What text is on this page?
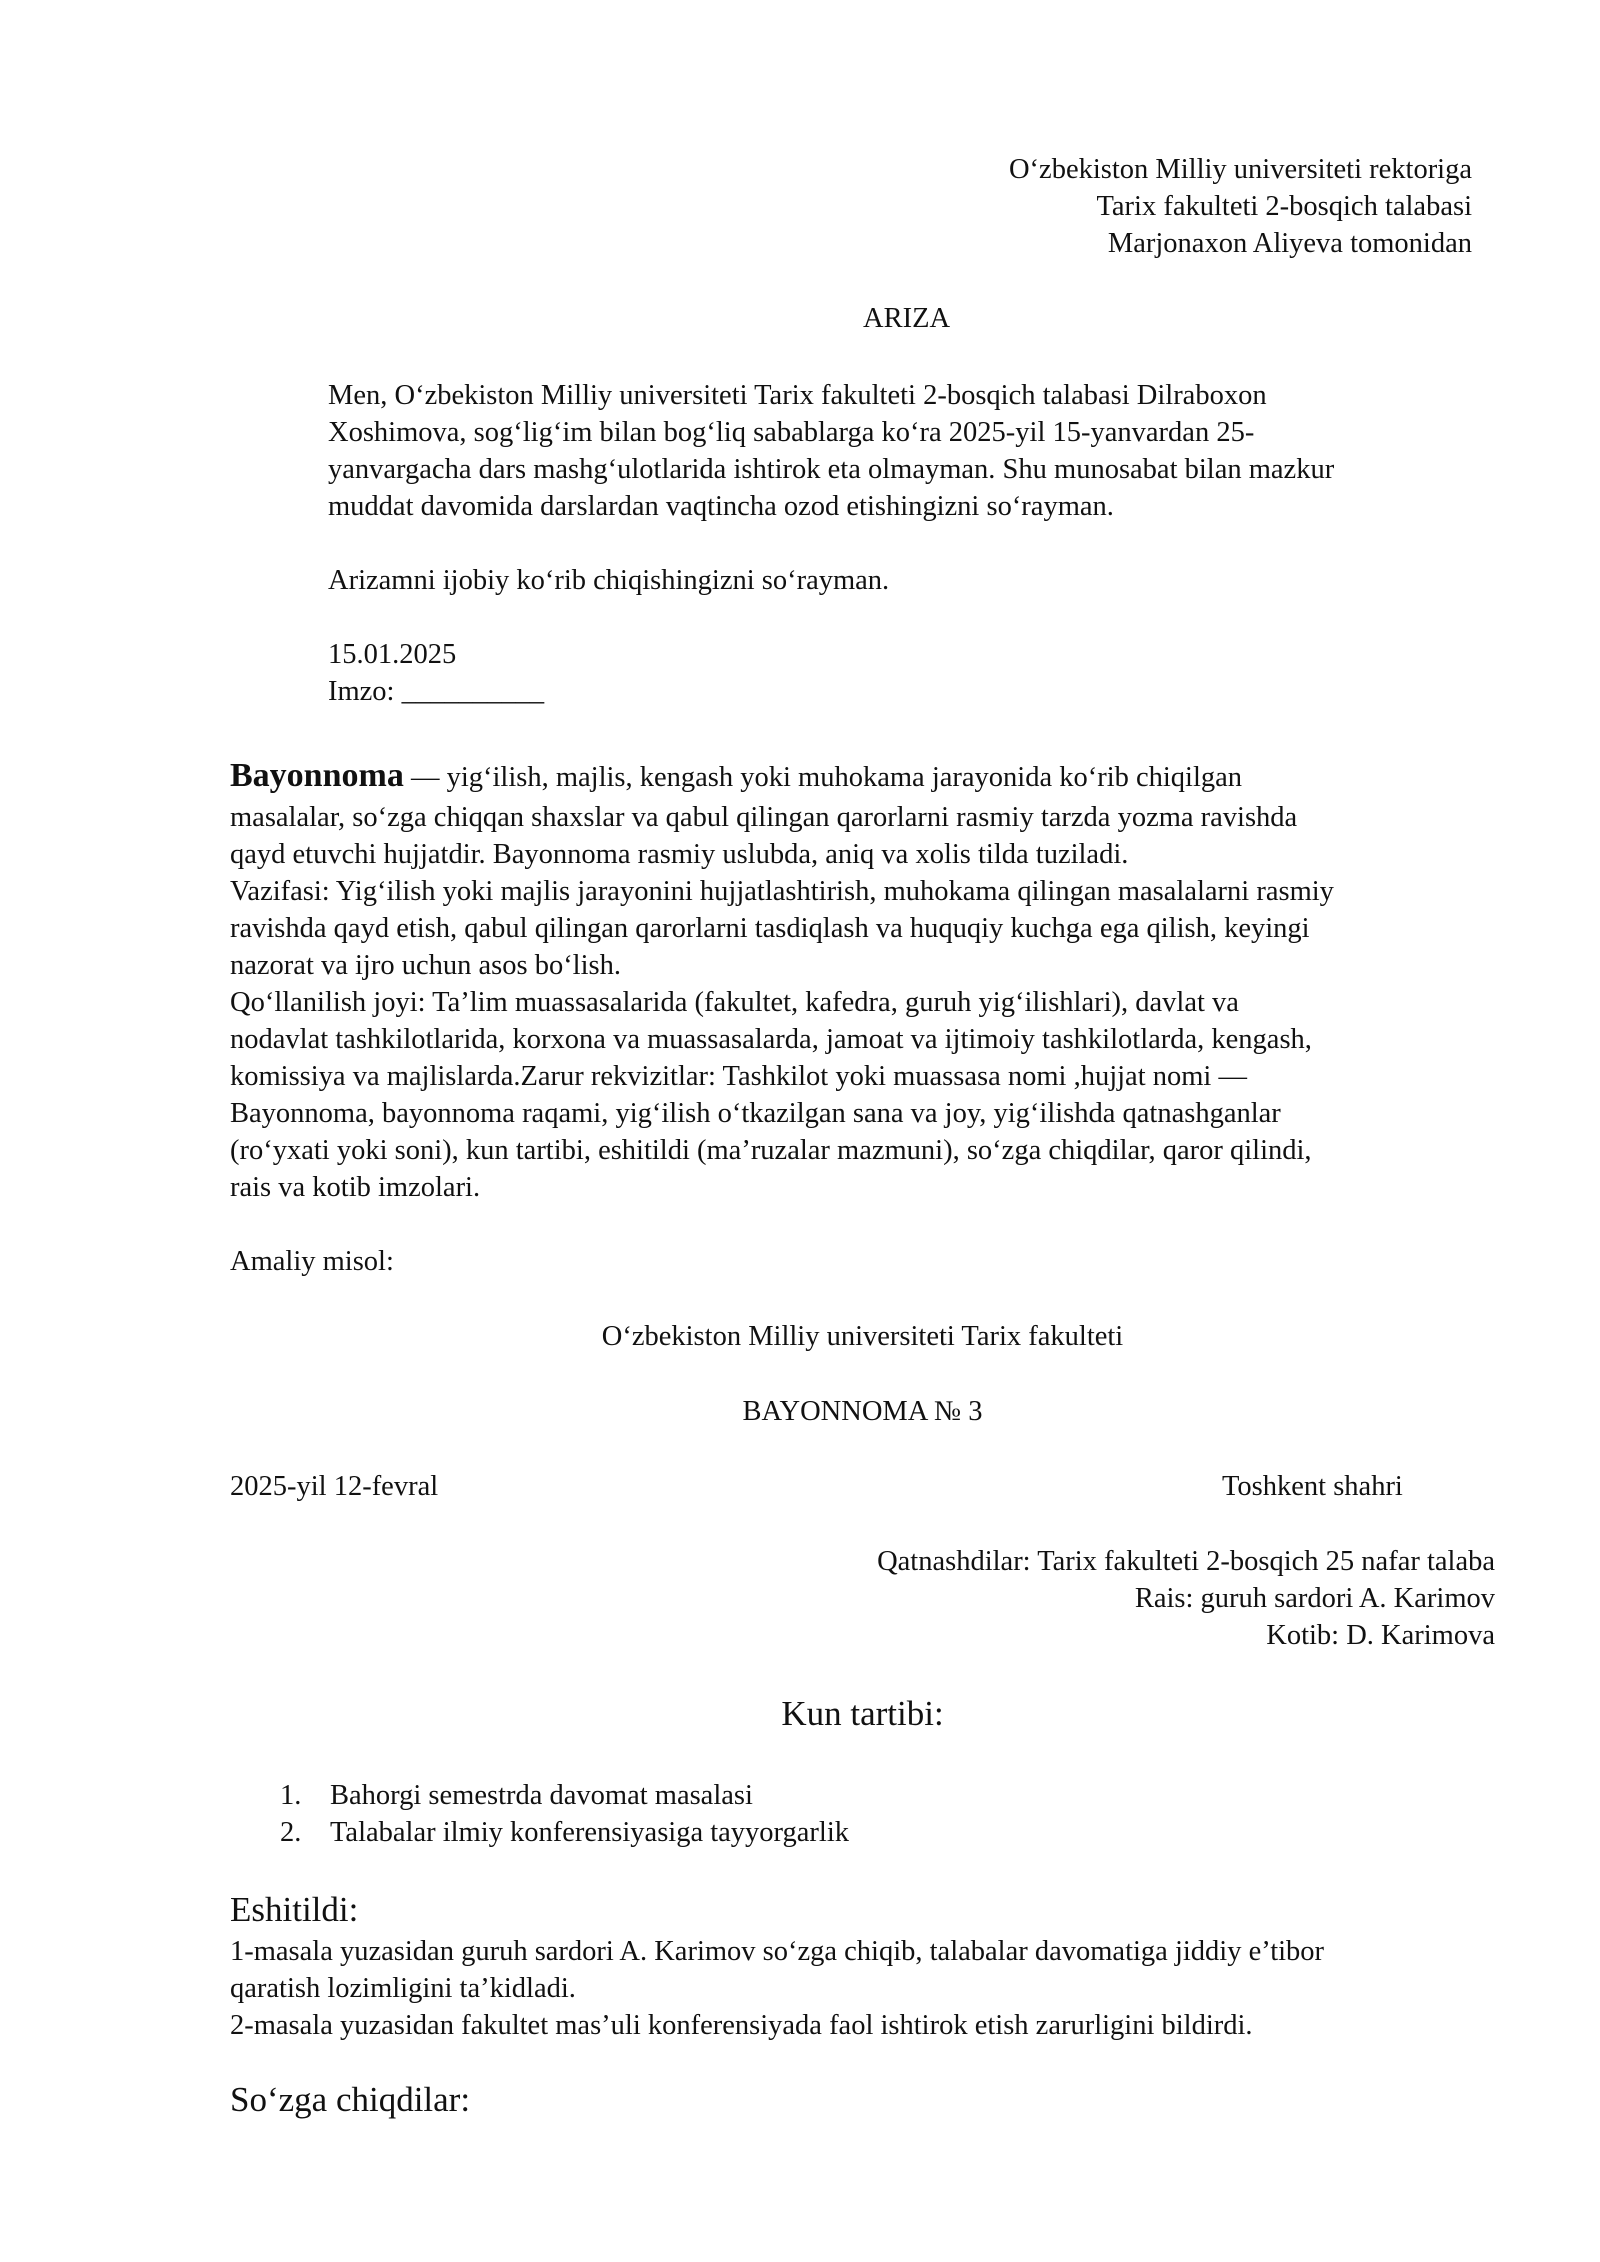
O‘zbekiston Milliy universiteti rektoriga
Tarix fakulteti 2-bosqich talabasi
Marjonaxon Aliyeva tomonidan
ARIZA
Men, O‘zbekiston Milliy universiteti Tarix fakulteti 2-bosqich talabasi Dilraboxon
Xoshimova, sog‘lig‘im bilan bog‘liq sabablarga ko‘ra 2025-yil 15-yanvardan 25-
yanvargacha dars mashg‘ulotlarida ishtirok eta olmayman. Shu munosabat bilan mazkur
muddat davomida darslardan vaqtincha ozod etishingizni so‘rayman.
Arizamni ijobiy ko‘rib chiqishingizni so‘rayman.
15.01.2025
Imzo: __________
Bayonnoma — yig‘ilish, majlis, kengash yoki muhokama jarayonida ko‘rib chiqilgan
masalalar, so‘zga chiqqan shaxslar va qabul qilingan qarorlarni rasmiy tarzda yozma ravishda
qayd etuvchi hujjatdir. Bayonnoma rasmiy uslubda, aniq va xolis tilda tuziladi.
Vazifasi: Yig‘ilish yoki majlis jarayonini hujjatlashtirish, muhokama qilingan masalalarni rasmiy
ravishda qayd etish, qabul qilingan qarorlarni tasdiqlash va huquqiy kuchga ega qilish, keyingi
nazorat va ijro uchun asos bo‘lish.
Qo‘llanilish joyi: Ta’lim muassasalarida (fakultet, kafedra, guruh yig‘ilishlari), davlat va
nodavlat tashkilotlarida, korxona va muassasalarda, jamoat va ijtimoiy tashkilotlarda, kengash,
komissiya va majlislarda.Zarur rekvizitlar: Tashkilot yoki muassasa nomi ,hujjat nomi —
Bayonnoma, bayonnoma raqami, yig‘ilish o‘tkazilgan sana va joy, yig‘ilishda qatnashganlar
(ro‘yxati yoki soni), kun tartibi, eshitildi (ma’ruzalar mazmuni), so‘zga chiqdilar, qaror qilindi,
rais va kotib imzolari.
Amaliy misol:
O‘zbekiston Milliy universiteti Tarix fakulteti
BAYONNOMA № 3
2025-yil 12-fevral	Toshkent shahri
Qatnashdilar: Tarix fakulteti 2-bosqich 25 nafar talaba
Rais: guruh sardori A. Karimov
Kotib: D. Karimova
Kun tartibi:
1. Bahorgi semestrda davomat masalasi
2. Talabalar ilmiy konferensiyasiga tayyorgarlik
Eshitildi:
1-masala yuzasidan guruh sardori A. Karimov so‘zga chiqib, talabalar davomatiga jiddiy e’tibor
qaratish lozimligini ta’kidladi.
2-masala yuzasidan fakultet mas’uli konferensiyada faol ishtirok etish zarurligini bildirdi.
So‘zga chiqdilar:
